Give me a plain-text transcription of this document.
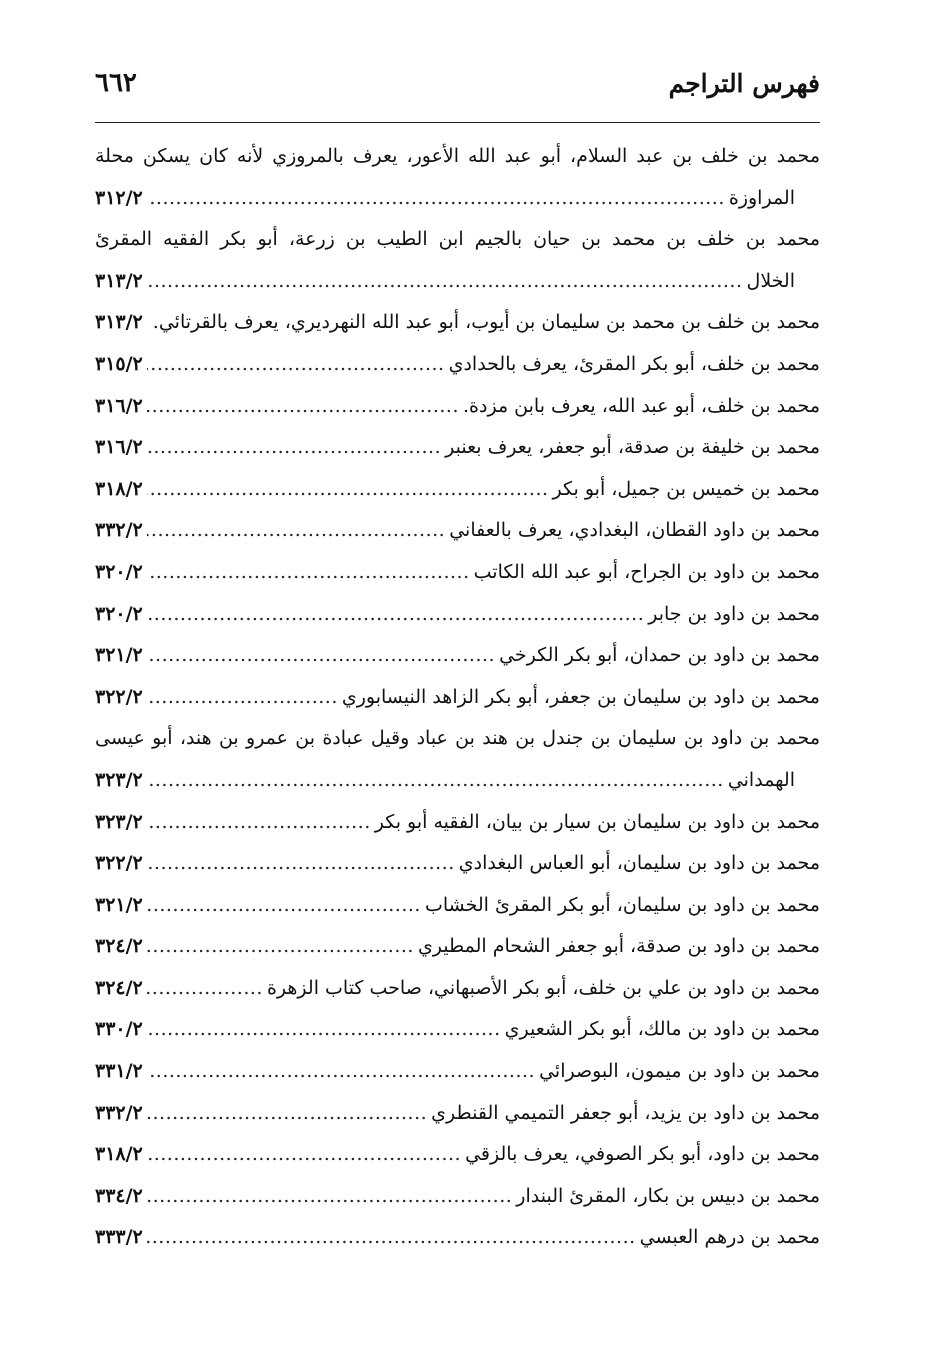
فهرس التراجم
٦٦٢
محمد بن خلف بن عبد السلام، أبو عبد الله الأعور، يعرف بالمروزي لأنه كان يسكن محلة
المراوزة
.....
٣١٢/٢
محمد بن خلف بن محمد بن حيان بالجيم ابن الطيب بن زرعة، أبو بكر الفقيه المقرئ
الخلال
.....
٣١٣/٢
محمد بن خلف بن محمد بن سليمان بن أيوب، أبو عبد الله النهرديري، يعرف بالقرتائي.
.....
٣١٣/٢
محمد بن خلف، أبو بكر المقرئ، يعرف بالحدادي
.....
٣١٥/٢
محمد بن خلف، أبو عبد الله، يعرف بابن مزدة.
.....
٣١٦/٢
محمد بن خليفة بن صدقة، أبو جعفر، يعرف بعنبر
.....
٣١٦/٢
محمد بن خميس بن جميل، أبو بكر
.....
٣١٨/٢
محمد بن داود القطان، البغدادي، يعرف بالعفاني
.....
٣٣٢/٢
محمد بن داود بن الجراح، أبو عبد الله الكاتب
.....
٣٢٠/٢
محمد بن داود بن جابر
.....
٣٢٠/٢
محمد بن داود بن حمدان، أبو بكر الكرخي
.....
٣٢١/٢
محمد بن داود بن سليمان بن جعفر، أبو بكر الزاهد النيسابوري
.....
٣٢٢/٢
محمد بن داود بن سليمان بن جندل بن هند بن عباد وقيل عبادة بن عمرو بن هند، أبو عيسى
الهمداني
.....
٣٢٣/٢
محمد بن داود بن سليمان بن سيار بن بيان، الفقيه أبو بكر
.....
٣٢٣/٢
محمد بن داود بن سليمان، أبو العباس البغدادي
.....
٣٢٢/٢
محمد بن داود بن سليمان، أبو بكر المقرئ الخشاب
.....
٣٢١/٢
محمد بن داود بن صدقة، أبو جعفر الشحام المطيري
.....
٣٢٤/٢
محمد بن داود بن علي بن خلف، أبو بكر الأصبهاني، صاحب كتاب الزهرة
.....
٣٢٤/٢
محمد بن داود بن مالك، أبو بكر الشعيري
.....
٣٣٠/٢
محمد بن داود بن ميمون، البوصرائي
.....
٣٣١/٢
محمد بن داود بن يزيد، أبو جعفر التميمي القنطري
.....
٣٣٢/٢
محمد بن داود، أبو بكر الصوفي، يعرف بالزقي
.....
٣١٨/٢
محمد بن دبيس بن بكار، المقرئ البندار
.....
٣٣٤/٢
محمد بن درهم العبسي
.....
٣٣٣/٢
